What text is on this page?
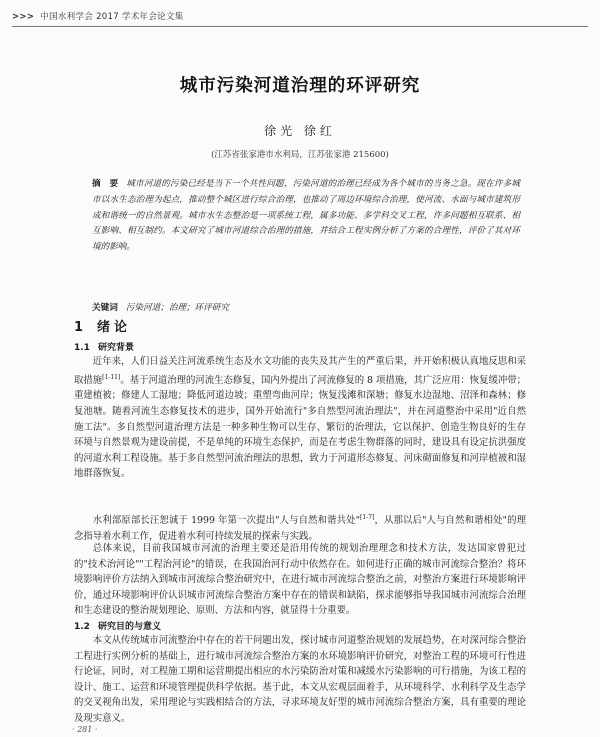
>>> 中国水利学会 2017 学术年会论文集
城市污染河道治理的环评研究
徐光 徐红
(江苏省张家港市水利局，江苏张家港 215600)
摘　要 城市河道的污染已经是当下一个共性问题，污染河道的治理已经成为各个城市的当务之急。现在许多城市以水生态治理为起点，推动整个城区进行综合治理，也推动了周边环境综合治理，使河流、水面与城市建筑形成和谐统一的自然景观。城市水生态整治是一项系统工程，属多功能、多学科交叉工程，许多问题相互联系、相互影响、相互制约。本文研究了城市河道综合治理的措施，并结合工程实例分析了方案的合理性，评价了其对环境的影响。
关键词 污染河道；治理；环评研究
1 绪论
1.1 研究背景
近年来，人们日益关注河流系统生态及水文功能的丧失及其产生的严重后果，并开始积极认真地反思和采取措施[1-11]。基于河道治理的河流生态修复，国内外提出了河流修复的 8 项措施，其广泛应用：恢复缓冲带；重建植被；修建人工湿地；降低河道边坡；重塑弯曲河岸；恢复浅滩和深塘；修复水边湿地、沼泽和森林；修复池塘。随着河流生态修复技术的进步，国外开始流行"多自然型河流治理法"，并在河道整治中采用"近自然施工法"。多自然型河道治理方法是一种多种生物可以生存、繁衍的治理法，它以保护、创造生物良好的生存环境与自然景观为建设前提，不是单纯的环境生态保护，而是在考虑生物群落的同时，建设具有设定抗洪强度的河道水利工程设施。基于多自然型河流治理法的思想，致力于河道形态修复、河床砌面修复和河岸植被和湿地群落恢复。
水利部原部长汪恕诚于 1999 年第一次提出"人与自然和谐共处"[1-7]，从那以后"人与自然和谐相处"的理念指导着水利工作，促进着水利可持续发展的探索与实践。
总体来说，目前我国城市河流的治理主要还是沿用传统的规划治理理念和技术方法，发达国家曾犯过的"技术治河论""工程治河论"的错误，在我国治河行动中依然存在。如何进行正确的城市河流综合整治？将环境影响评价方法纳入到城市河流综合整治研究中，在进行城市河流综合整治之前，对整治方案进行环境影响评价，通过环境影响评价认识城市河流综合整治方案中存在的错误和缺陷，探求能够指导我国城市河流综合治理和生态建设的整治规划理论、原则、方法和内容，就显得十分重要。
1.2 研究目的与意义
本文从传统城市河流整治中存在的若干问题出发，探讨城市河道整治规划的发展趋势，在对深河综合整治工程进行实例分析的基础上，进行城市河流综合整治方案的水环境影响评价研究，对整治工程的环境可行性进行论证，同时，对工程施工期和运营期提出相应的水污染防治对策和减缓水污染影响的可行措施，为该工程的设计、施工、运营和环境管理提供科学依据。基于此，本文从宏观层面着手，从环境科学、水利科学及生态学的交叉视角出发，采用理论与实践相结合的方法，寻求环境友好型的城市河流综合整治方案，具有重要的理论及现实意义。
· 281 ·
